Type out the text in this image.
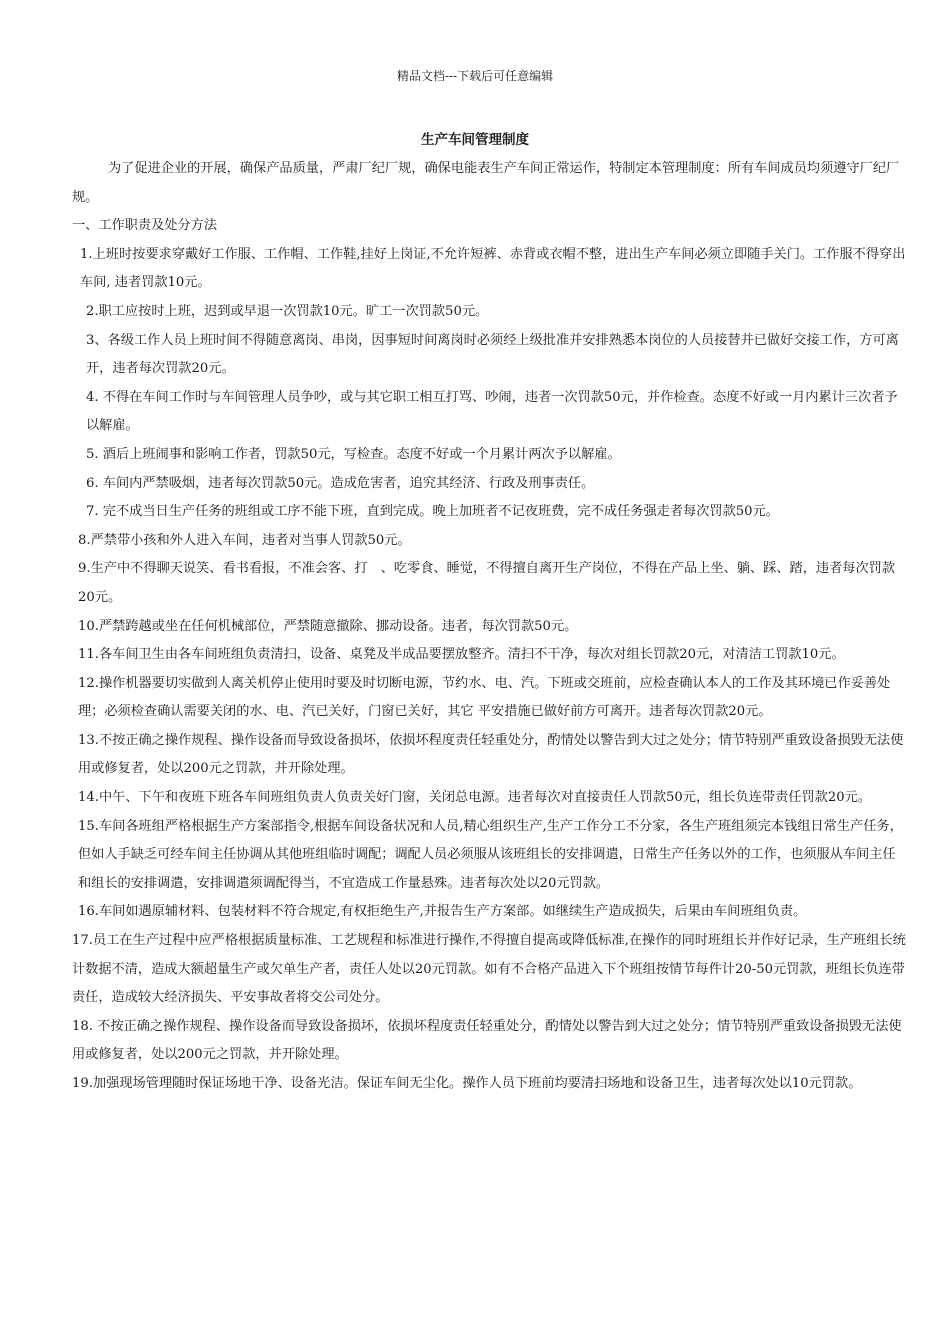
精品文档---下载后可任意编辑
生产车间管理制度

为了促进企业的开展，确保产品质量，严肃厂纪厂规，确保电能表生产车间正常运作，特制定本管理制度：所有车间成员均须遵守厂纪厂规。

一、工作职责及处分方法

1.上班时按要求穿戴好工作服、工作帽、工作鞋,挂好上岗证,不允许短裤、赤背或衣帽不整，进出生产车间必须立即随手关门。工作服不得穿出车间, 违者罚款10元。

2.职工应按时上班，迟到或早退一次罚款10元。旷工一次罚款50元。

3、各级工作人员上班时间不得随意离岗、串岗，因事短时间离岗时必须经上级批准并安排熟悉本岗位的人员接替并已做好交接工作，方可离开，违者每次罚款20元。

4. 不得在车间工作时与车间管理人员争吵，或与其它职工相互打骂、吵闹，违者一次罚款50元，并作检查。态度不好或一月内累计三次者予以解雇。

5. 酒后上班闹事和影响工作者，罚款50元，写检查。态度不好或一个月累计两次予以解雇。

6. 车间内严禁吸烟，违者每次罚款50元。造成危害者，追究其经济、行政及刑事责任。

7. 完不成当日生产任务的班组或工序不能下班，直到完成。晚上加班者不记夜班费，完不成任务强走者每次罚款50元。

8.严禁带小孩和外人进入车间，违者对当事人罚款50元。

9.生产中不得聊天说笑、看书看报，不准会客、打　、吃零食、睡觉，不得擅自离开生产岗位，不得在产品上坐、躺、踩、踏，违者每次罚款20元。

10.严禁跨越或坐在任何机械部位，严禁随意撤除、挪动设备。违者，每次罚款50元。

11.各车间卫生由各车间班组负责清扫，设备、桌凳及半成品要摆放整齐。清扫不干净，每次对组长罚款20元，对清洁工罚款10元。

12.操作机器要切实做到人离关机停止使用时要及时切断电源，节约水、电、汽。下班或交班前，应检查确认本人的工作及其环境已作妥善处理；必须检查确认需要关闭的水、电、汽已关好，门窗已关好，其它 平安措施已做好前方可离开。违者每次罚款20元。

13.不按正确之操作规程、操作设备而导致设备损坏，依损坏程度责任轻重处分，酌情处以警告到大过之处分；情节特别严重致设备损毁无法使用或修复者，处以200元之罚款，并开除处理。

14.中午、下午和夜班下班各车间班组负责人负责关好门窗，关闭总电源。违者每次对直接责任人罚款50元，组长负连带责任罚款20元。

15.车间各班组严格根据生产方案部指令,根据车间设备状况和人员,精心组织生产,生产工作分工不分家，各生产班组须完本钱组日常生产任务，但如人手缺乏可经车间主任协调从其他班组临时调配；调配人员必须服从该班组长的安排调遣，日常生产任务以外的工作，也须服从车间主任和组长的安排调遣，安排调遣须调配得当，不宜造成工作量悬殊。违者每次处以20元罚款。

16.车间如遇原辅材料、包装材料不符合规定,有权拒绝生产,并报告生产方案部。如继续生产造成损失，后果由车间班组负责。

17.员工在生产过程中应严格根据质量标准、工艺规程和标准进行操作,不得擅自提高或降低标准,在操作的同时班组长并作好记录，生产班组长统计数据不清，造成大额超量生产或欠单生产者，责任人处以20元罚款。如有不合格产品进入下个班组按情节每件计20-50元罚款，班组长负连带责任，造成较大经济损失、平安事故者将交公司处分。

18. 不按正确之操作规程、操作设备而导致设备损坏，依损坏程度责任轻重处分，酌情处以警告到大过之处分；情节特别严重致设备损毁无法使用或修复者，处以200元之罚款，并开除处理。

19.加强现场管理随时保证场地干净、设备光洁。保证车间无尘化。操作人员下班前均要清扫场地和设备卫生，违者每次处以10元罚款。
